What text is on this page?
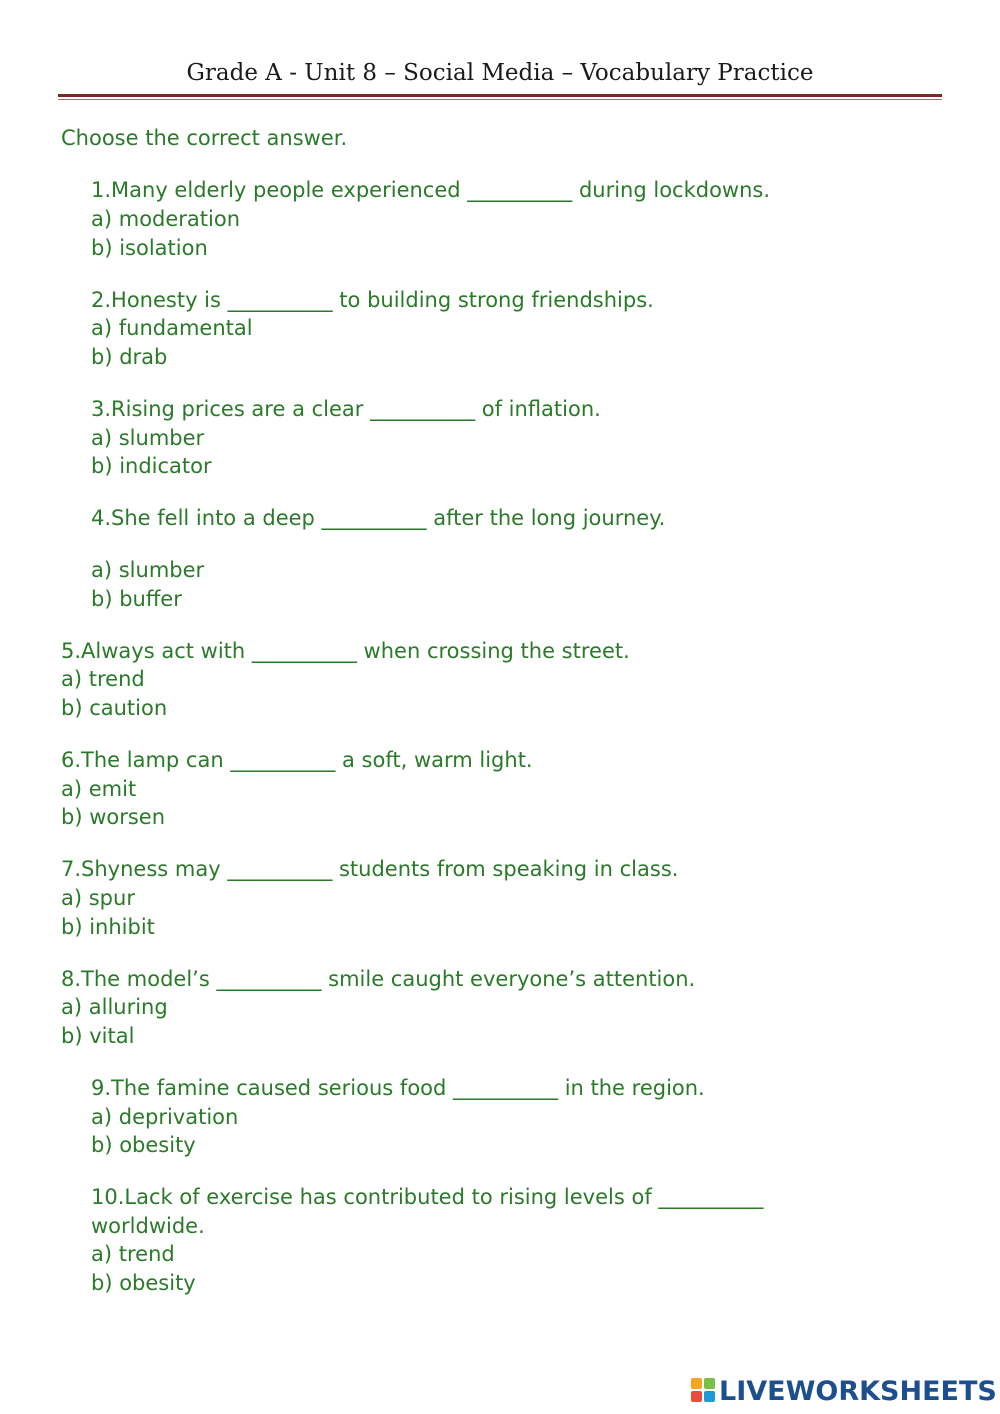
Grade A - Unit 8 – Social Media – Vocabulary Practice
Choose the correct answer.
1.Many elderly people experienced __________ during lockdowns.
a) moderation
b) isolation
2.Honesty is __________ to building strong friendships.
a) fundamental
b) drab
3.Rising prices are a clear __________ of inflation.
a) slumber
b) indicator
4.She fell into a deep __________ after the long journey.
a) slumber
b) buffer
5.Always act with __________ when crossing the street.
a) trend
b) caution
6.The lamp can __________ a soft, warm light.
a) emit
b) worsen
7.Shyness may __________ students from speaking in class.
a) spur
b) inhibit
8.The model’s __________ smile caught everyone’s attention.
a) alluring
b) vital
9.The famine caused serious food __________ in the region.
a) deprivation
b) obesity
10.Lack of exercise has contributed to rising levels of __________
worldwide.
a) trend
b) obesity
LIVEWORKSHEETS
